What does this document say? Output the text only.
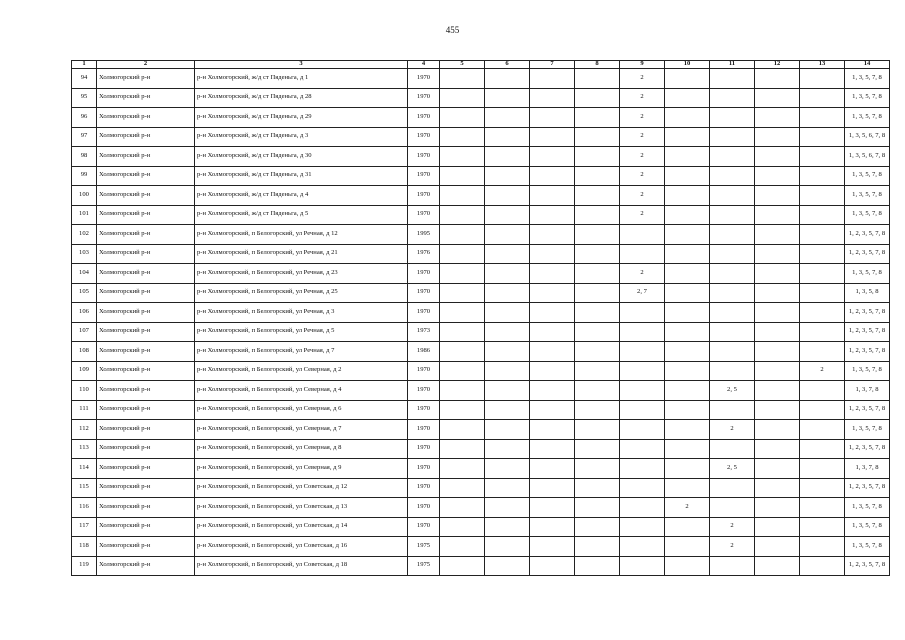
455
1	2	3	4	5	6	7	8	9	10	11	12	13	14
94	Холмогорский р-н	р-н Холмогорский, ж/д ст Пяденьга, д 1	1970					2					1, 3, 5, 7, 8
95	Холмогорский р-н	р-н Холмогорский, ж/д ст Пяденьга, д 28	1970					2					1, 3, 5, 7, 8
96	Холмогорский р-н	р-н Холмогорский, ж/д ст Пяденьга, д 29	1970					2					1, 3, 5, 7, 8
97	Холмогорский р-н	р-н Холмогорский, ж/д ст Пяденьга, д 3	1970					2					1, 3, 5, 6, 7, 8
98	Холмогорский р-н	р-н Холмогорский, ж/д ст Пяденьга, д 30	1970					2					1, 3, 5, 6, 7, 8
99	Холмогорский р-н	р-н Холмогорский, ж/д ст Пяденьга, д 31	1970					2					1, 3, 5, 7, 8
100	Холмогорский р-н	р-н Холмогорский, ж/д ст Пяденьга, д 4	1970					2					1, 3, 5, 7, 8
101	Холмогорский р-н	р-н Холмогорский, ж/д ст Пяденьга, д 5	1970					2					1, 3, 5, 7, 8
102	Холмогорский р-н	р-н Холмогорский, п Белогорский, ул Речная, д 12	1995										1, 2, 3, 5, 7, 8
103	Холмогорский р-н	р-н Холмогорский, п Белогорский, ул Речная, д 21	1976										1, 2, 3, 5, 7, 8
104	Холмогорский р-н	р-н Холмогорский, п Белогорский, ул Речная, д 23	1970					2					1, 3, 5, 7, 8
105	Холмогорский р-н	р-н Холмогорский, п Белогорский, ул Речная, д 25	1970					2, 7					1, 3, 5, 8
106	Холмогорский р-н	р-н Холмогорский, п Белогорский, ул Речная, д 3	1970										1, 2, 3, 5, 7, 8
107	Холмогорский р-н	р-н Холмогорский, п Белогорский, ул Речная, д 5	1973										1, 2, 3, 5, 7, 8
108	Холмогорский р-н	р-н Холмогорский, п Белогорский, ул Речная, д 7	1986										1, 2, 3, 5, 7, 8
109	Холмогорский р-н	р-н Холмогорский, п Белогорский, ул Северная, д 2	1970									2	1, 3, 5, 7, 8
110	Холмогорский р-н	р-н Холмогорский, п Белогорский, ул Северная, д 4	1970							2, 5			1, 3, 7, 8
111	Холмогорский р-н	р-н Холмогорский, п Белогорский, ул Северная, д 6	1970										1, 2, 3, 5, 7, 8
112	Холмогорский р-н	р-н Холмогорский, п Белогорский, ул Северная, д 7	1970							2			1, 3, 5, 7, 8
113	Холмогорский р-н	р-н Холмогорский, п Белогорский, ул Северная, д 8	1970										1, 2, 3, 5, 7, 8
114	Холмогорский р-н	р-н Холмогорский, п Белогорский, ул Северная, д 9	1970							2, 5			1, 3, 7, 8
115	Холмогорский р-н	р-н Холмогорский, п Белогорский, ул Советская, д 12	1970										1, 2, 3, 5, 7, 8
116	Холмогорский р-н	р-н Холмогорский, п Белогорский, ул Советская, д 13	1970						2				1, 3, 5, 7, 8
117	Холмогорский р-н	р-н Холмогорский, п Белогорский, ул Советская, д 14	1970							2			1, 3, 5, 7, 8
118	Холмогорский р-н	р-н Холмогорский, п Белогорский, ул Советская, д 16	1975							2			1, 3, 5, 7, 8
119	Холмогорский р-н	р-н Холмогорский, п Белогорский, ул Советская, д 18	1975										1, 2, 3, 5, 7, 8
